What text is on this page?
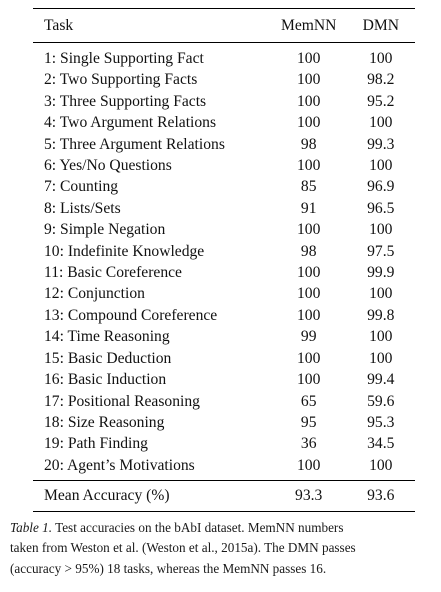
Task	MemNN	DMN
1: Single Supporting Fact	100	100
2: Two Supporting Facts	100	98.2
3: Three Supporting Facts	100	95.2
4: Two Argument Relations	100	100
5: Three Argument Relations	98	99.3
6: Yes/No Questions	100	100
7: Counting	85	96.9
8: Lists/Sets	91	96.5
9: Simple Negation	100	100
10: Indefinite Knowledge	98	97.5
11: Basic Coreference	100	99.9
12: Conjunction	100	100
13: Compound Coreference	100	99.8
14: Time Reasoning	99	100
15: Basic Deduction	100	100
16: Basic Induction	100	99.4
17: Positional Reasoning	65	59.6
18: Size Reasoning	95	95.3
19: Path Finding	36	34.5
20: Agent’s Motivations	100	100
Mean Accuracy (%)	93.3	93.6
Table 1. Test accuracies on the bAbI dataset. MemNN numbers
taken from Weston et al. (Weston et al., 2015a). The DMN passes
(accuracy > 95%) 18 tasks, whereas the MemNN passes 16.
